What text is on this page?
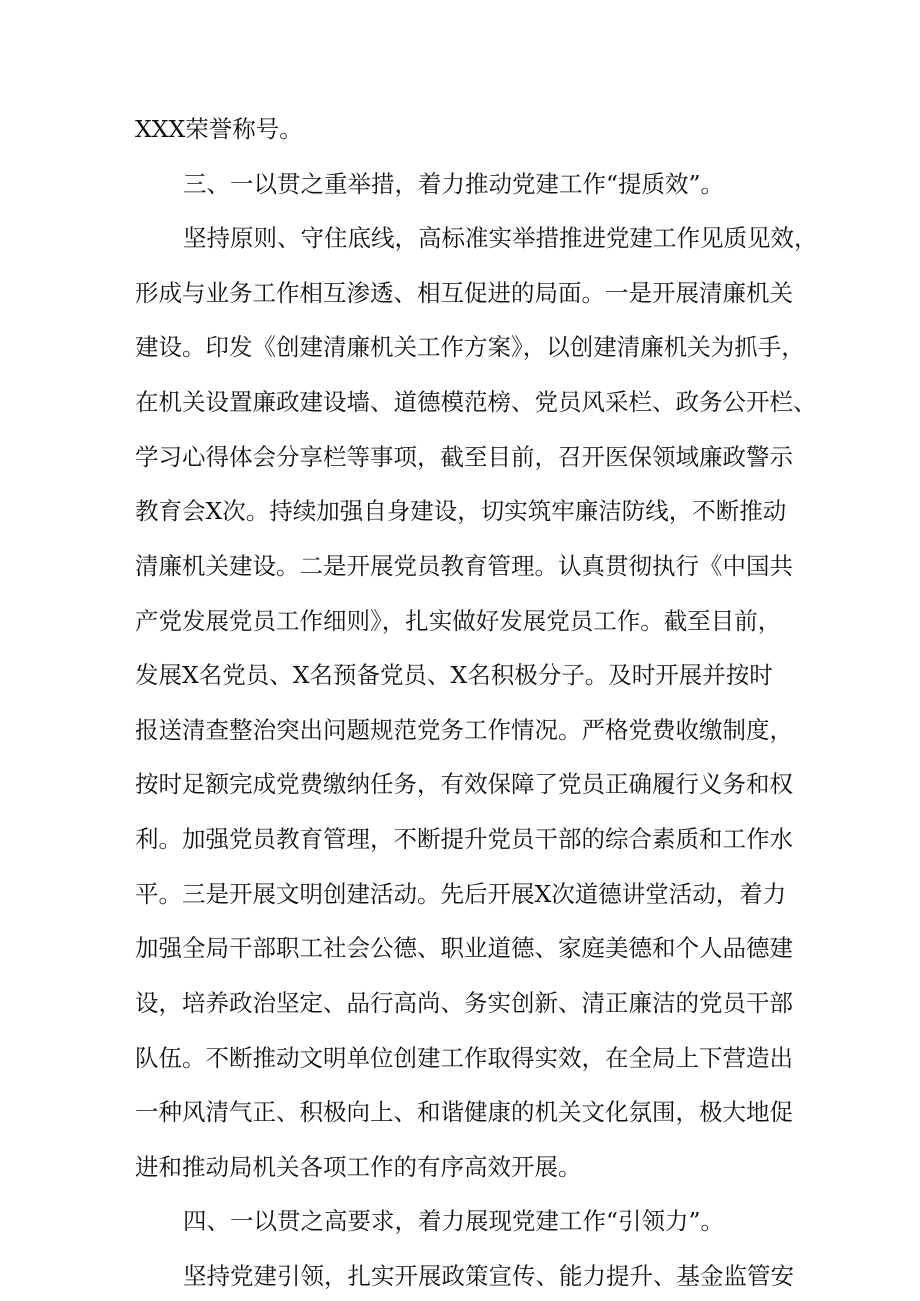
XXX荣誉称号。
三、一以贯之重举措，着力推动党建工作“提质效”。
坚持原则、守住底线，高标准实举措推进党建工作见质见效，
形成与业务工作相互渗透、相互促进的局面。一是开展清廉机关
建设。印发《创建清廉机关工作方案》，以创建清廉机关为抓手，
在机关设置廉政建设墙、道德模范榜、党员风采栏、政务公开栏、
学习心得体会分享栏等事项，截至目前，召开医保领域廉政警示
教育会X次。持续加强自身建设，切实筑牢廉洁防线，不断推动
清廉机关建设。二是开展党员教育管理。认真贯彻执行《中国共
产党发展党员工作细则》，扎实做好发展党员工作。截至目前，
发展X名党员、X名预备党员、X名积极分子。及时开展并按时
报送清查整治突出问题规范党务工作情况。严格党费收缴制度，
按时足额完成党费缴纳任务，有效保障了党员正确履行义务和权
利。加强党员教育管理，不断提升党员干部的综合素质和工作水
平。三是开展文明创建活动。先后开展X次道德讲堂活动，着力
加强全局干部职工社会公德、职业道德、家庭美德和个人品德建
设，培养政治坚定、品行高尚、务实创新、清正廉洁的党员干部
队伍。不断推动文明单位创建工作取得实效，在全局上下营造出
一种风清气正、积极向上、和谐健康的机关文化氛围，极大地促
进和推动局机关各项工作的有序高效开展。
四、一以贯之高要求，着力展现党建工作“引领力”。
坚持党建引领，扎实开展政策宣传、能力提升、基金监管安
